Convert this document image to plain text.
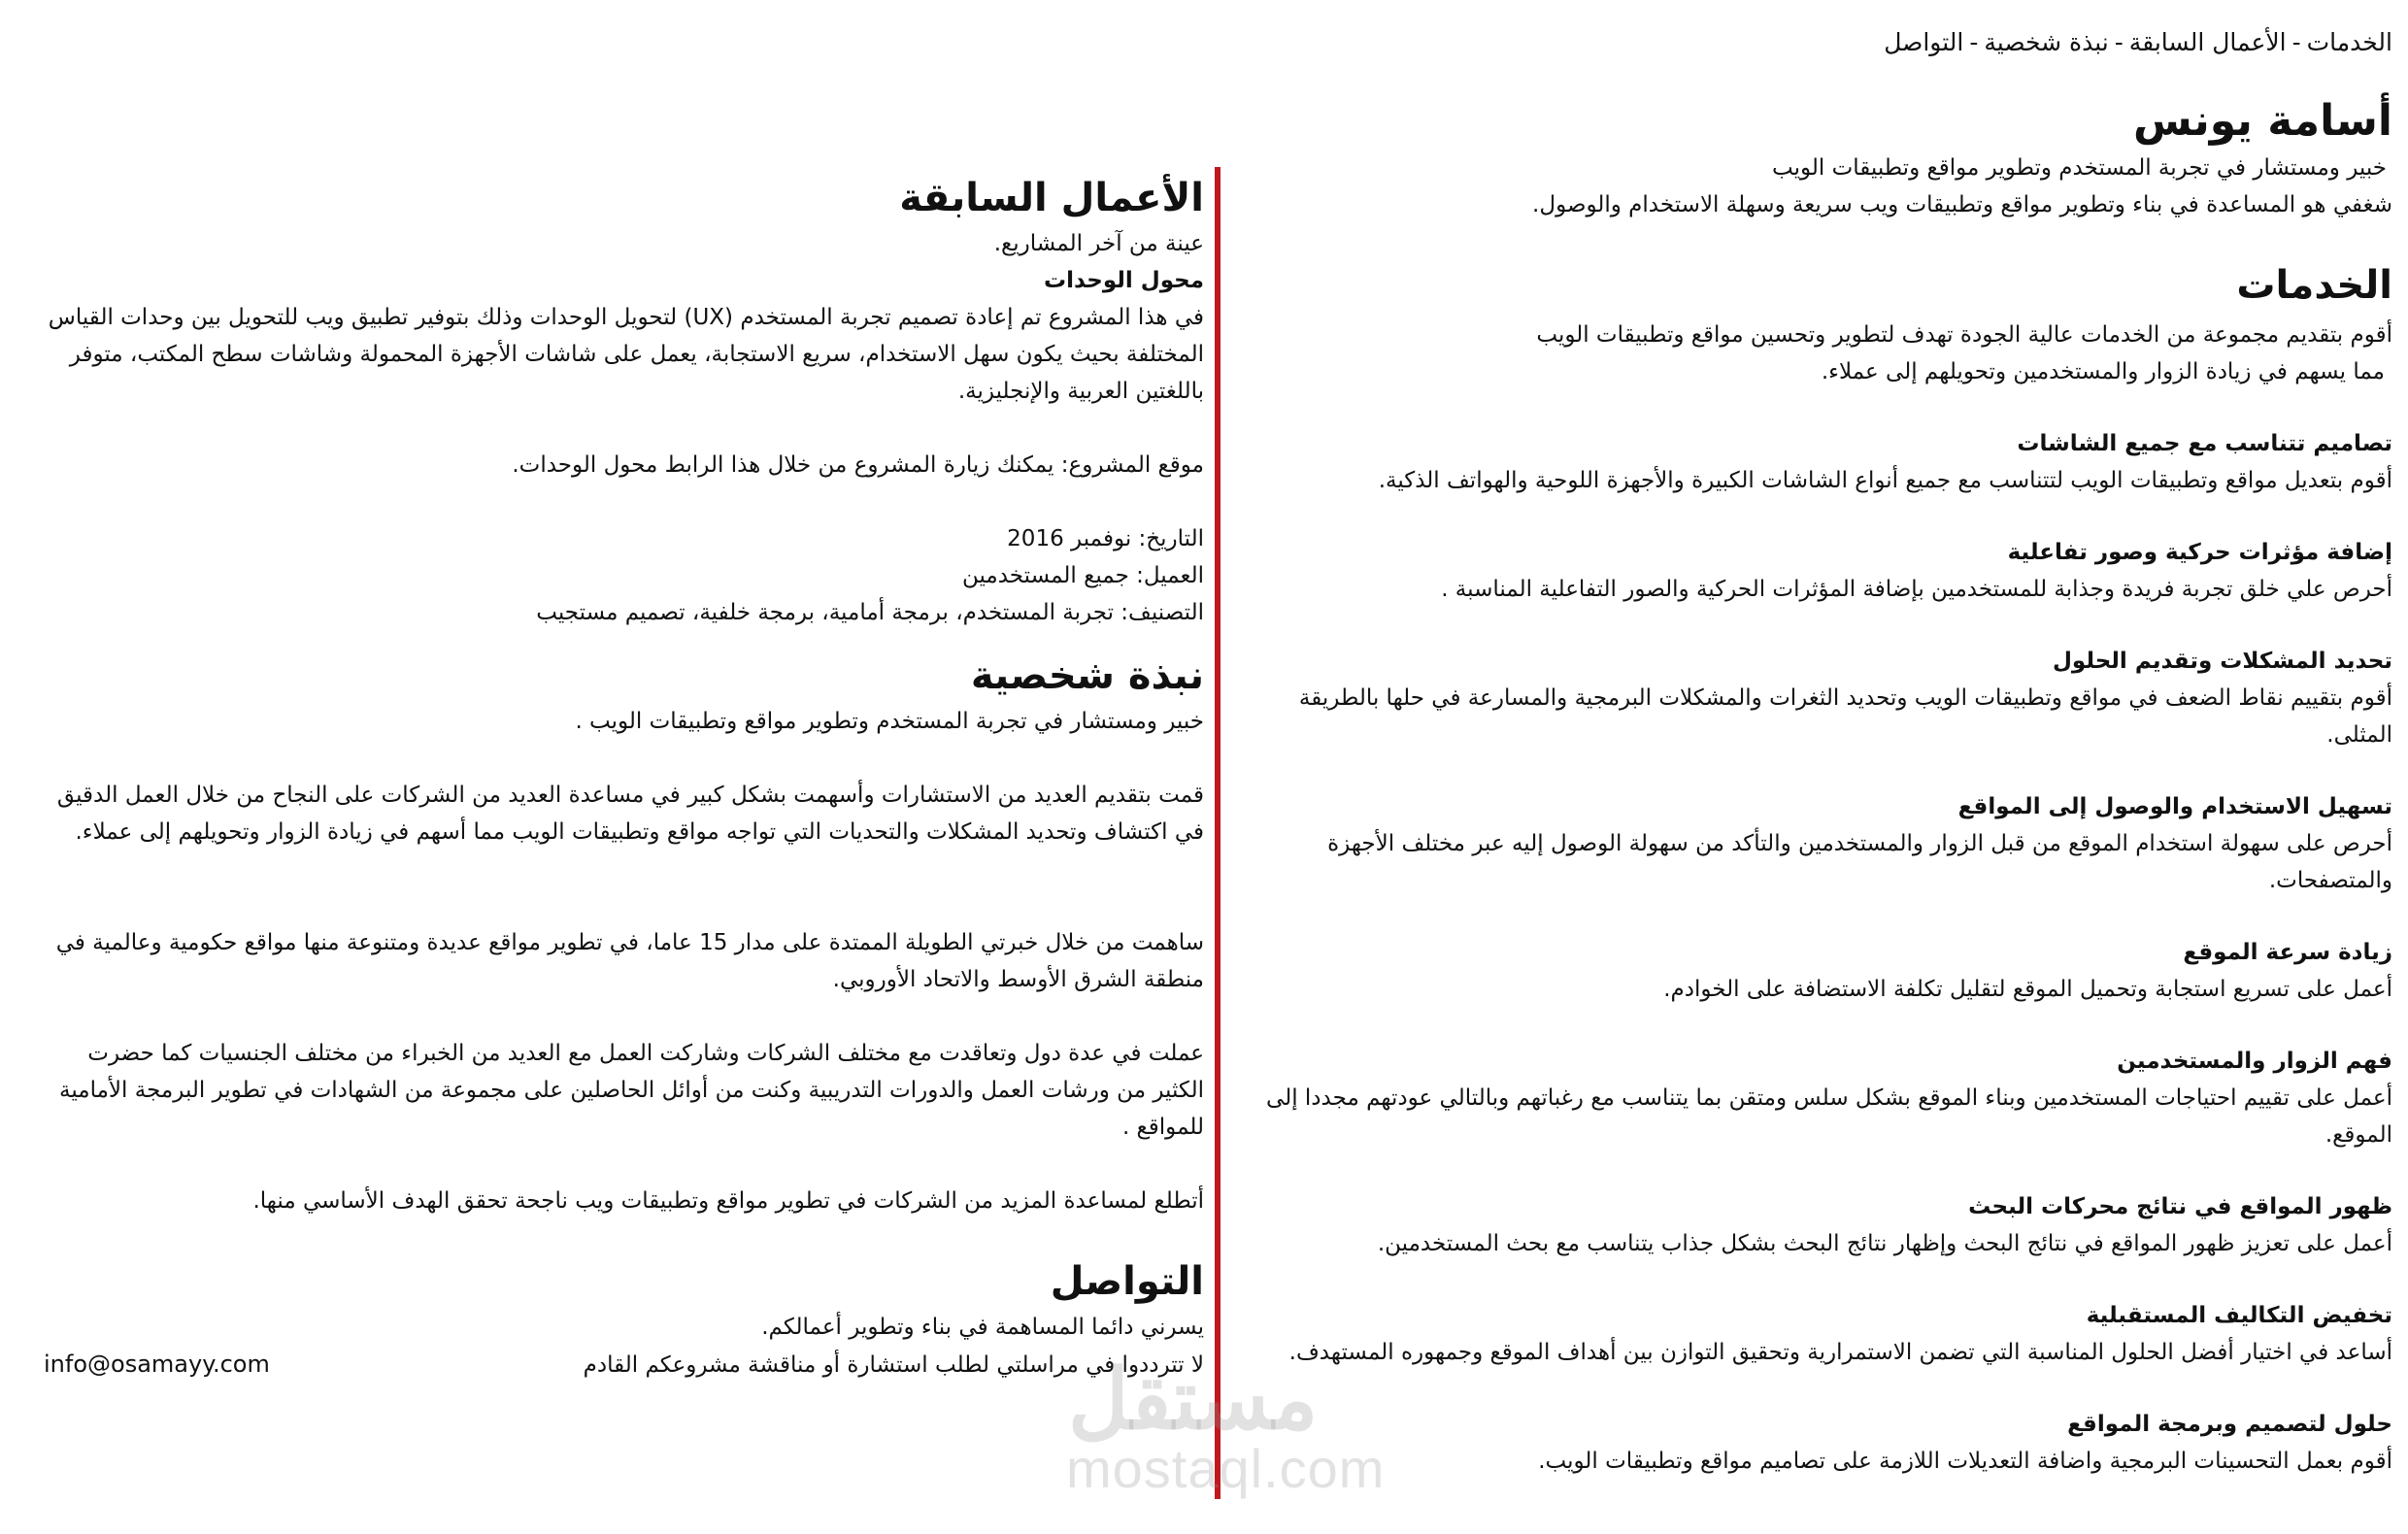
الخدمات-الأعمال السابقة-نبذة شخصية-التواصل
أسامة يونس

خبير ومستشار في تجربة المستخدم وتطوير مواقع وتطبيقات الويب

شغفي هو المساعدة في بناء وتطوير مواقع وتطبيقات ويب سريعة وسهلة الاستخدام والوصول.

الخدمات

أقوم بتقديم مجموعة من الخدمات عالية الجودة تهدف لتطوير وتحسين مواقع وتطبيقات الويب

مما يسهم في زيادة الزوار والمستخدمين وتحويلهم إلى عملاء.

تصاميم تتناسب مع جميع الشاشات

أقوم بتعديل مواقع وتطبيقات الويب لتتناسب مع جميع أنواع الشاشات الكبيرة والأجهزة اللوحية والهواتف الذكية.

إضافة مؤثرات حركية وصور تفاعلية

أحرص علي خلق تجربة فريدة وجذابة للمستخدمين بإضافة المؤثرات الحركية والصور التفاعلية المناسبة .

تحديد المشكلات وتقديم الحلول

أقوم بتقييم نقاط الضعف في مواقع وتطبيقات الويب وتحديد الثغرات والمشكلات البرمجية والمسارعة في حلها بالطريقة المثلى.

تسهيل الاستخدام والوصول إلى المواقع

أحرص على سهولة استخدام الموقع من قبل الزوار والمستخدمين والتأكد من سهولة الوصول إليه عبر مختلف الأجهزة والمتصفحات.

زيادة سرعة الموقع

أعمل على تسريع استجابة وتحميل الموقع لتقليل تكلفة الاستضافة على الخوادم.

فهم الزوار والمستخدمين

أعمل على تقييم احتياجات المستخدمين وبناء الموقع بشكل سلس ومتقن بما يتناسب مع رغباتهم وبالتالي عودتهم مجددا إلى الموقع.

ظهور المواقع في نتائج محركات البحث

أعمل على تعزيز ظهور المواقع في نتائج البحث وإظهار نتائج البحث بشكل جذاب يتناسب مع بحث المستخدمين.

تخفيض التكاليف المستقبلية

أساعد في اختيار أفضل الحلول المناسبة التي تضمن الاستمرارية وتحقيق التوازن بين أهداف الموقع وجمهوره المستهدف.

حلول لتصميم وبرمجة المواقع

أقوم بعمل التحسينات البرمجية واضافة التعديلات اللازمة على تصاميم مواقع وتطبيقات الويب.

الأعمال السابقة

عينة من آخر المشاريع.

محول الوحدات

في هذا المشروع تم إعادة تصميم تجربة المستخدم (UX) لتحويل الوحدات وذلك بتوفير تطبيق ويب للتحويل بين وحدات القياس المختلفة بحيث يكون سهل الاستخدام، سريع الاستجابة، يعمل على شاشات الأجهزة المحمولة وشاشات سطح المكتب، متوفر باللغتين العربية والإنجليزية.

موقع المشروع: يمكنك زيارة المشروع من خلال هذا الرابط محول الوحدات.

التاريخ: نوفمبر 2016

العميل: جميع المستخدمين

التصنيف: تجربة المستخدم، برمجة أمامية، برمجة خلفية، تصميم مستجيب

نبذة شخصية

خبير ومستشار في تجربة المستخدم وتطوير مواقع وتطبيقات الويب .

قمت بتقديم العديد من الاستشارات وأسهمت بشكل كبير في مساعدة العديد من الشركات على النجاح من خلال العمل الدقيق في اكتشاف وتحديد المشكلات والتحديات التي تواجه مواقع وتطبيقات الويب مما أسهم في زيادة الزوار وتحويلهم إلى عملاء.

ساهمت من خلال خبرتي الطويلة الممتدة على مدار 15 عاما، في تطوير مواقع عديدة ومتنوعة منها مواقع حكومية وعالمية في منطقة الشرق الأوسط والاتحاد الأوروبي.

عملت في عدة دول وتعاقدت مع مختلف الشركات وشاركت العمل مع العديد من الخبراء من مختلف الجنسيات كما حضرت الكثير من ورشات العمل والدورات التدريبية وكنت من أوائل الحاصلين على مجموعة من الشهادات في تطوير البرمجة الأمامية للمواقع .

أتطلع لمساعدة المزيد من الشركات في تطوير مواقع وتطبيقات ويب ناجحة تحقق الهدف الأساسي منها.

التواصل

يسرني دائما المساهمة في بناء وتطوير أعمالكم.

لا تترددوا في مراسلتي لطلب استشارة أو مناقشة مشروعكم القادم
info@osamayy.com	مستقل
mostaql.com
